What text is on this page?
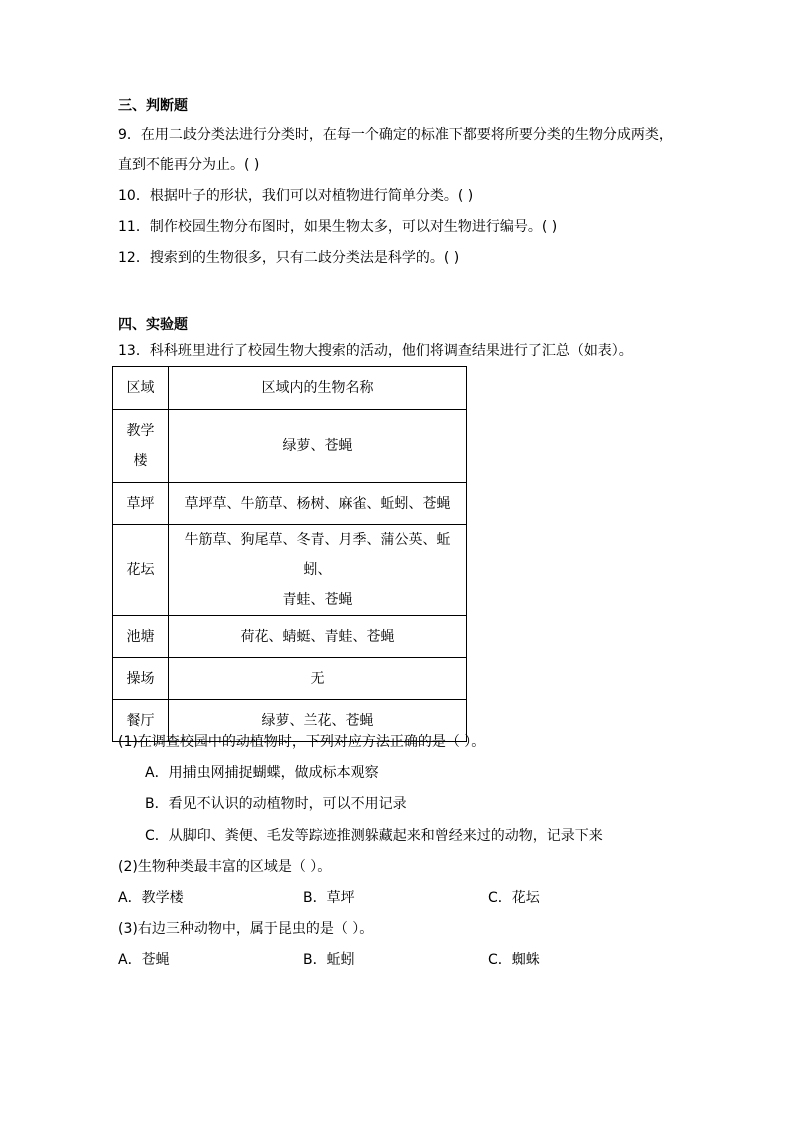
三、判断题
9．在用二歧分类法进行分类时，在每一个确定的标准下都要将所要分类的生物分成两类，
直到不能再分为止。( )
10．根据叶子的形状，我们可以对植物进行简单分类。( )
11．制作校园生物分布图时，如果生物太多，可以对生物进行编号。( )
12．搜索到的生物很多，只有二歧分类法是科学的。( )
四、实验题
13．科科班里进行了校园生物大搜索的活动，他们将调查结果进行了汇总（如表）。
区域	区域内的生物名称
教学
楼	绿萝、苍蝇
草坪	草坪草、牛筋草、杨树、麻雀、蚯蚓、苍蝇
花坛	牛筋草、狗尾草、冬青、月季、蒲公英、蚯蚓、
青蛙、苍蝇
池塘	荷花、蜻蜓、青蛙、苍蝇
操场	无
餐厅	绿萝、兰花、苍蝇
(1)在调查校园中的动植物时，下列对应方法正确的是（ ）。
A．用捕虫网捕捉蝴蝶，做成标本观察
B．看见不认识的动植物时，可以不用记录
C．从脚印、粪便、毛发等踪迹推测躲藏起来和曾经来过的动物，记录下来
(2)生物种类最丰富的区域是（ ）。
A．教学楼	B．草坪	C．花坛
(3)右边三种动物中，属于昆虫的是（ ）。
A．苍蝇	B．蚯蚓	C．蜘蛛
